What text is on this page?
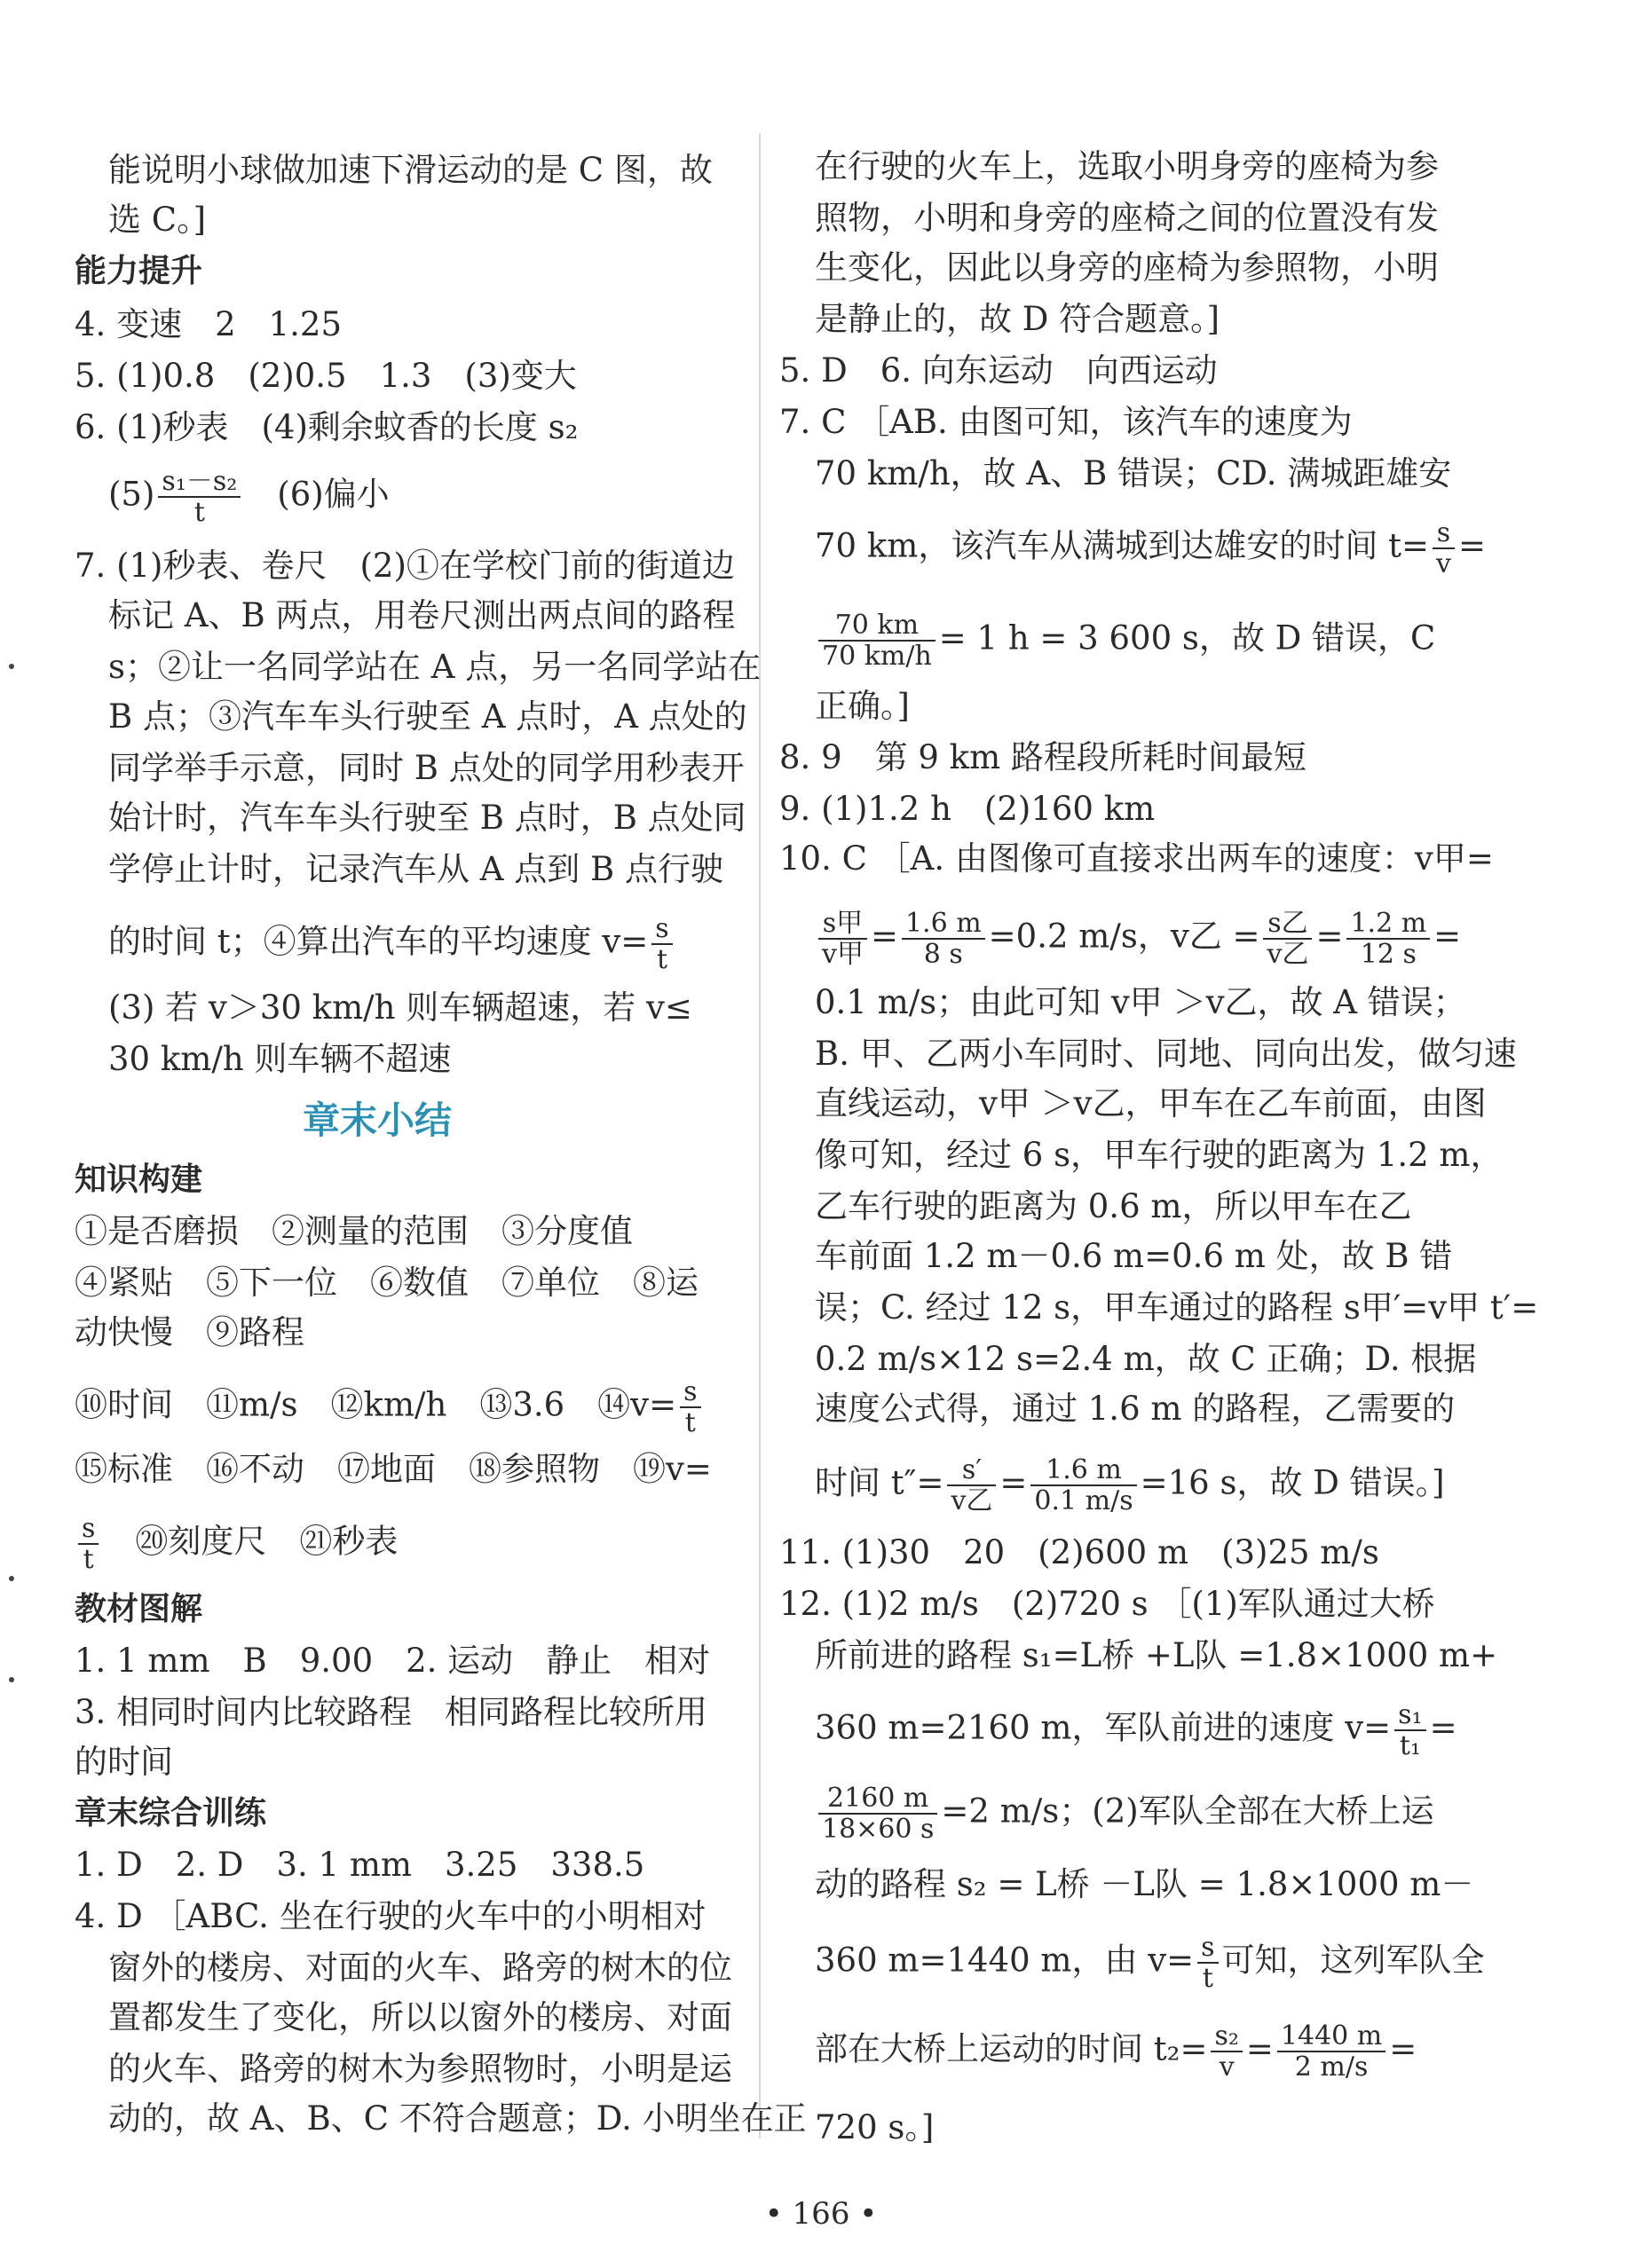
能说明小球做加速下滑运动的是 C 图，故
选 C。]
能力提升
4. 变速　2　1.25
5. (1)0.8　(2)0.5　1.3　(3)变大
6. (1)秒表　(4)剩余蚊香的长度 s₂
$(5) \frac{\text{s₁－s₂}}{t}$
　 (6)偏小
7. (1)秒表、卷尺　(2)①在学校门前的街道边
标记 A、B 两点，用卷尺测出两点间的路程
s；②让一名同学站在 A 点，另一名同学站在
B 点；③汽车车头行驶至 A 点时，A 点处的
同学举手示意，同时 B 点处的同学用秒表开
始计时，汽车车头行驶至 B 点时，B 点处同
学停止计时，记录汽车从 A 点到 B 点行驶
的时间 t；④算出汽车的平均速度 $v= \frac{s}{t}$
(3) 若 v＞30 km/h 则车辆超速，若 v≤
30 km/h 则车辆不超速
章末小结
知识构建
①是否磨损　②测量的范围　③分度值
④紧贴　⑤下一位　⑥数值　⑦单位　⑧运
动快慢　⑨路程
⑩时间　⑪m/s　⑫km/h　⑬3.6　⑭v= $\frac{s}{t}$
⑮标准　⑯不动　⑰地面　⑱参照物　⑲v=
$\frac{s}{t}$
　 ⑳刻度尺　㉑秒表
教材图解
1. 1 mm　B　9.00　2. 运动　静止　相对
3. 相同时间内比较路程　相同路程比较所用
的时间
章末综合训练
1. D　2. D　3. 1 mm　3.25　338.5
4. D ［ABC. 坐在行驶的火车中的小明相对
窗外的楼房、对面的火车、路旁的树木的位
置都发生了变化，所以以窗外的楼房、对面
的火车、路旁的树木为参照物时，小明是运
动的，故 A、B、C 不符合题意；D. 小明坐在正
在行驶的火车上，选取小明身旁的座椅为参
照物，小明和身旁的座椅之间的位置没有发
生变化，因此以身旁的座椅为参照物，小明
是静止的，故 D 符合题意。]
5. D　6. 向东运动　向西运动
7. C ［AB. 由图可知，该汽车的速度为
70 km/h，故 A、B 错误；CD. 满城距雄安
70 km，该汽车从满城到达雄安的时间 $t= \frac{s}{v}$ =
$\frac{70 km}{70 km/h} = 1$ h = 3 600 s，故 D 错误，C
正确。]
8. 9　第 9 km 路程段所耗时间最短
9. (1)1.2 h　(2)160 km
10. C ［A. 由图像可直接求出两车的速度：v甲=
$\frac{\text{s甲}}{\text{v甲}} = \frac{1.6 m}{8 s} =0.2$ m/s，v乙 = $\frac{\text{s乙}}{\text{v乙}} = \frac{1.2 m}{12 s}$ =
0.1 m/s；由此可知 v甲 ＞v乙，故 A 错误；
B. 甲、乙两小车同时、同地、同向出发，做匀速
直线运动，v甲 ＞v乙，甲车在乙车前面，由图
像可知，经过 6 s，甲车行驶的距离为 1.2 m，
乙车行驶的距离为 0.6 m，所以甲车在乙
车前面 1.2 m－0.6 m=0.6 m 处，故 B 错
误；C. 经过 12 s，甲车通过的路程 s甲′=v甲 t′=
0.2 m/s×12 s=2.4 m，故 C 正确；D. 根据
速度公式得，通过 1.6 m 的路程，乙需要的
时间 $t''= \frac{s'}{\text{v乙}} = \frac{1.6 m}{0.1 m/s} =16$ s，故 D 错误。]
11. (1)30　20　(2)600 m　(3)25 m/s
12. (1)2 m/s　(2)720 s ［(1)军队通过大桥
所前进的路程 s₁=L桥 +L队 =1.8×1000 m+
360 m=2160 m，军队前进的速度 $v= \frac{\text{s₁}}{\text{t₁}}$ =
$\frac{2160 m}{18\times 60 s} =2$ m/s；(2)军队全部在大桥上运
动的路程 s₂ = L桥 －L队 = 1.8×1000 m－
360 m=1440 m，由 $v= \frac{s}{t}$ 可知，这列军队全
部在大桥上运动的时间 $t_2= \frac{\text{s₂}}{v} = \frac{1440 m}{2 m/s}$ =
720 s。]
• 166 •
